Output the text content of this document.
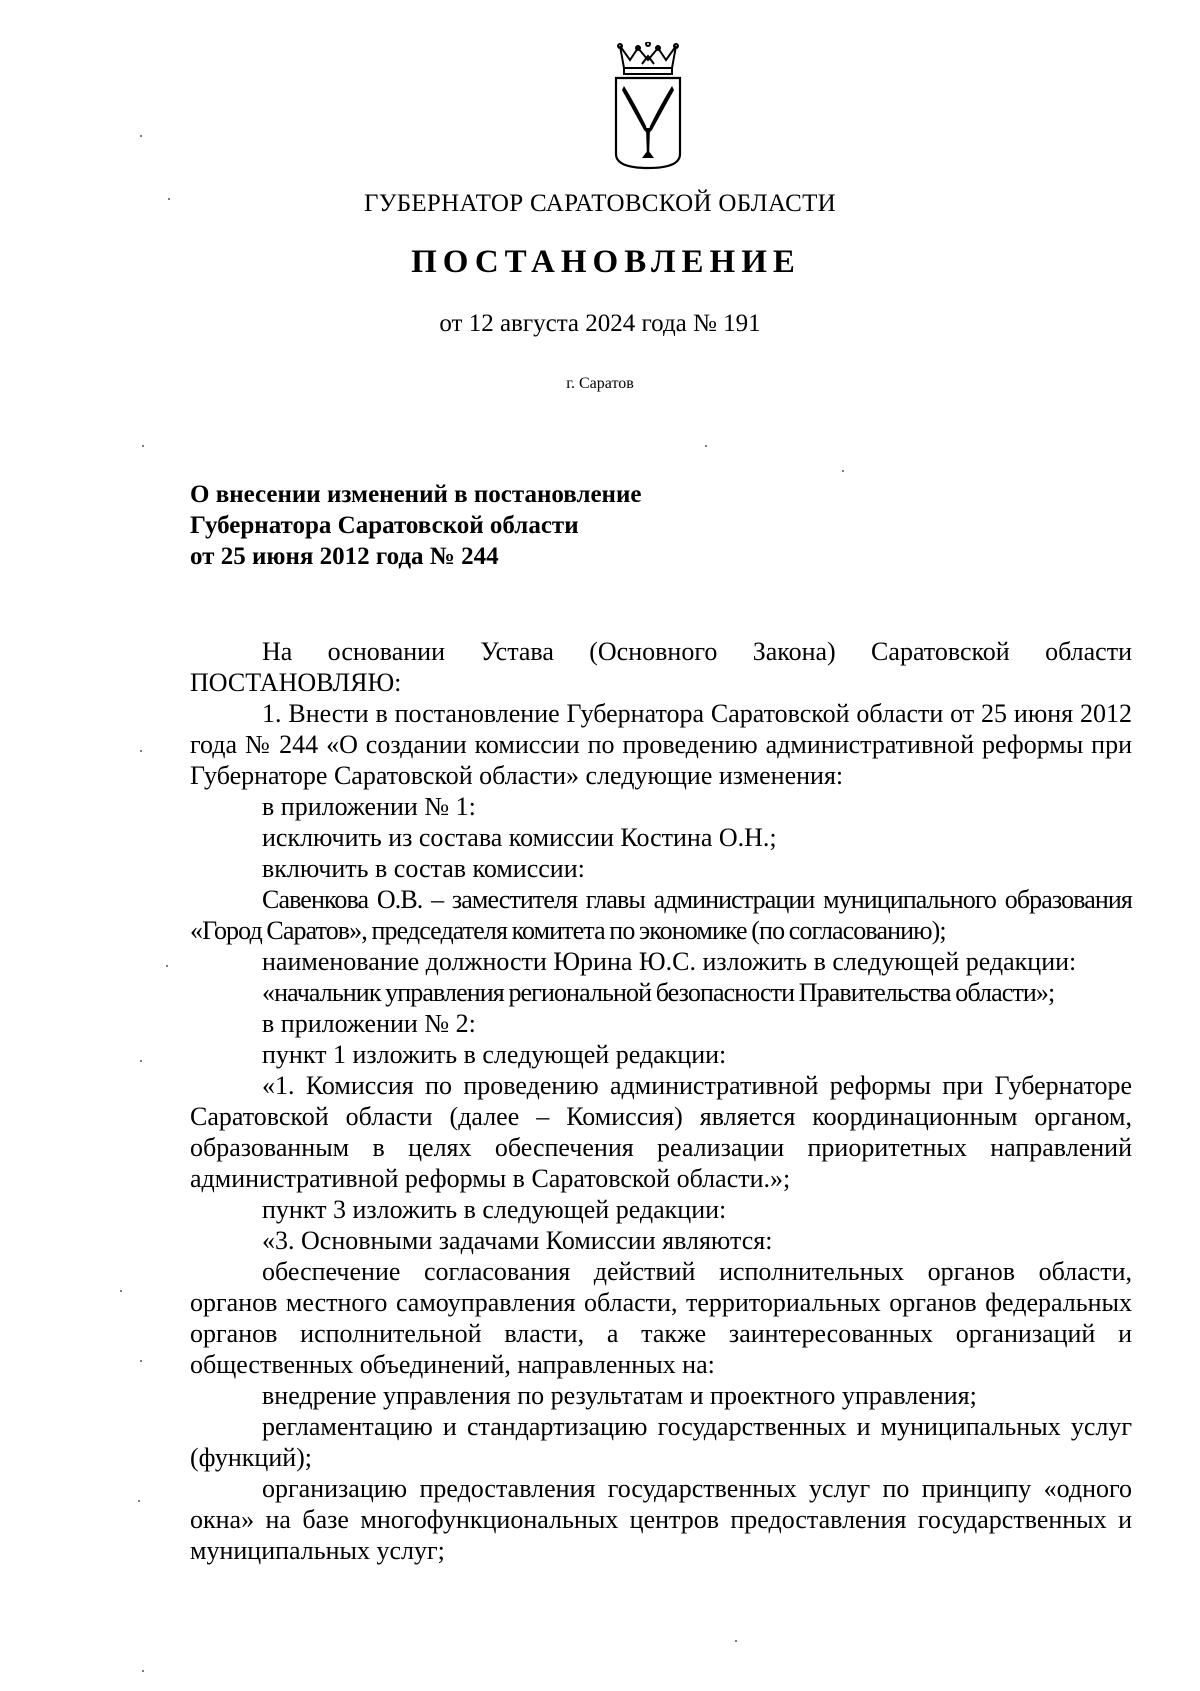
ГУБЕРНАТОР САРАТОВСКОЙ ОБЛАСТИ
ПОСТАНОВЛЕНИЕ
от 12 августа 2024 года № 191
г. Саратов
О внесении изменений в постановление
Губернатора Саратовской области
от 25 июня 2012 года № 244

На основании Устава (Основного Закона) Саратовской области ПОСТАНОВЛЯЮ:

1. Внести в постановление Губернатора Саратовской области от 25 июня 2012 года № 244 «О создании комиссии по проведению административной реформы при Губернаторе Саратовской области» следующие изменения:

в приложении № 1:

исключить из состава комиссии Костина О.Н.;

включить в состав комиссии:

Савенкова О.В. – заместителя главы администрации муниципального образования «Город Саратов», председателя комитета по экономике (по согласованию);

наименование должности Юрина Ю.С. изложить в следующей редакции:

«начальник управления региональной безопасности Правительства области»;

в приложении № 2:

пункт 1 изложить в следующей редакции:

«1. Комиссия по проведению административной реформы при Губернаторе Саратовской области (далее – Комиссия) является координационным органом, образованным в целях обеспечения реализации приоритетных направлений административной реформы в Саратовской области.»;

пункт 3 изложить в следующей редакции:

«3. Основными задачами Комиссии являются:

обеспечение согласования действий исполнительных органов области, органов местного самоуправления области, территориальных органов федеральных органов исполнительной власти, а также заинтересованных организаций и общественных объединений, направленных на:

внедрение управления по результатам и проектного управления;

регламентацию и стандартизацию государственных и муниципальных услуг (функций);

организацию предоставления государственных услуг по принципу «одного окна» на базе многофункциональных центров предоставления государственных и муниципальных услуг;
